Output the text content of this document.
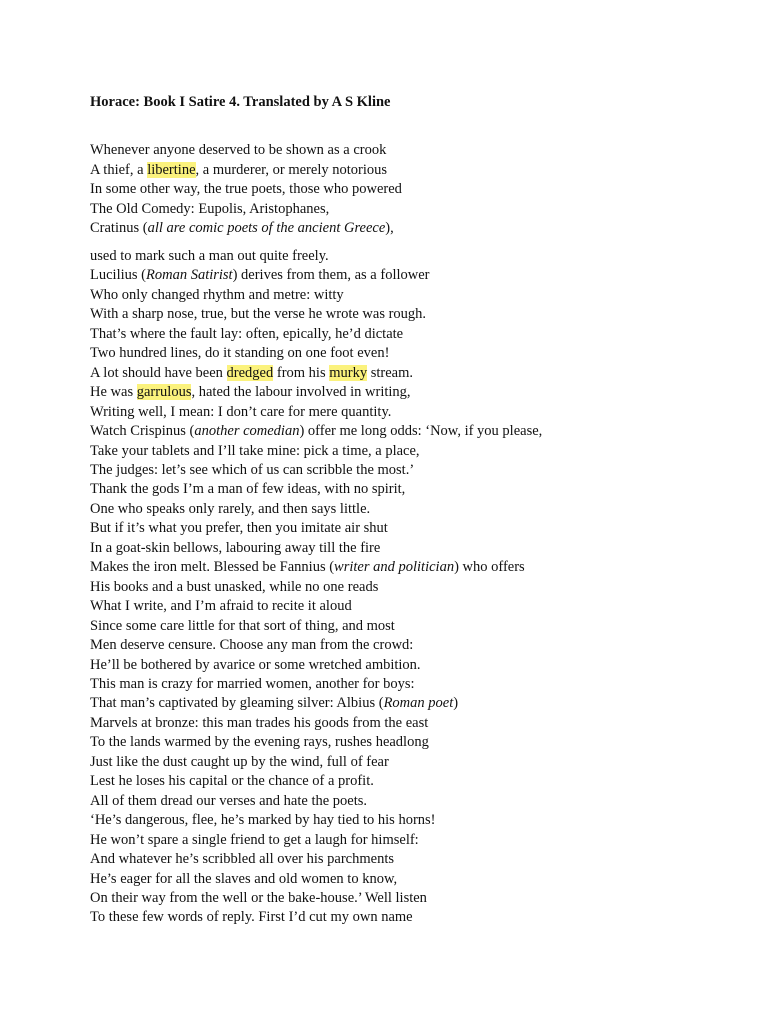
Horace: Book I Satire 4. Translated by A S Kline
Whenever anyone deserved to be shown as a crook
A thief, a libertine, a murderer, or merely notorious
In some other way, the true poets, those who powered
The Old Comedy: Eupolis, Aristophanes,
Cratinus (all are comic poets of the ancient Greece),
used to mark such a man out quite freely.
Lucilius (Roman Satirist) derives from them, as a follower
Who only changed rhythm and metre: witty
With a sharp nose, true, but the verse he wrote was rough.
That’s where the fault lay: often, epically, he’d dictate
Two hundred lines, do it standing on one foot even!
A lot should have been dredged from his murky stream.
He was garrulous, hated the labour involved in writing,
Writing well, I mean: I don’t care for mere quantity.
Watch Crispinus (another comedian) offer me long odds: ‘Now, if you please,
Take your tablets and I’ll take mine: pick a time, a place,
The judges: let’s see which of us can scribble the most.’
Thank the gods I’m a man of few ideas, with no spirit,
One who speaks only rarely, and then says little.
But if it’s what you prefer, then you imitate air shut
In a goat-skin bellows, labouring away till the fire
Makes the iron melt. Blessed be Fannius (writer and politician) who offers
His books and a bust unasked, while no one reads
What I write, and I’m afraid to recite it aloud
Since some care little for that sort of thing, and most
Men deserve censure. Choose any man from the crowd:
He’ll be bothered by avarice or some wretched ambition.
This man is crazy for married women, another for boys:
That man’s captivated by gleaming silver: Albius (Roman poet)
Marvels at bronze: this man trades his goods from the east
To the lands warmed by the evening rays, rushes headlong
Just like the dust caught up by the wind, full of fear
Lest he loses his capital or the chance of a profit.
All of them dread our verses and hate the poets.
‘He’s dangerous, flee, he’s marked by hay tied to his horns!
He won’t spare a single friend to get a laugh for himself:
And whatever he’s scribbled all over his parchments
He’s eager for all the slaves and old women to know,
On their way from the well or the bake-house.’ Well listen
To these few words of reply. First I’d cut my own name
